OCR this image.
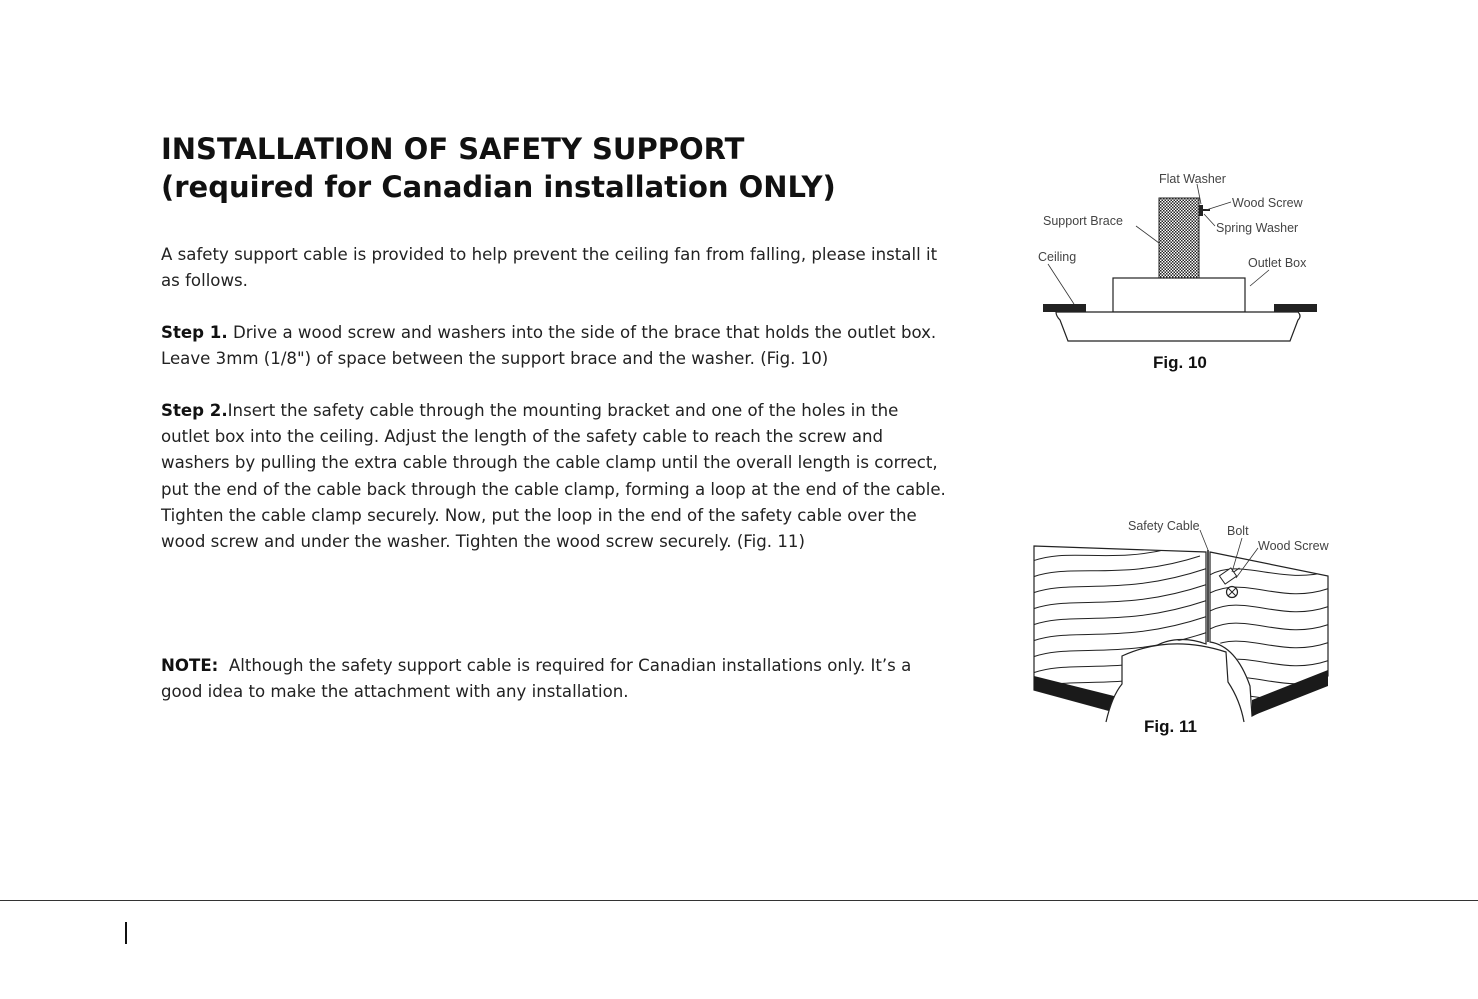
INSTALLATION OF SAFETY SUPPORT
(required for Canadian installation ONLY)

A safety support cable is provided to help prevent the ceiling fan from falling, please install it as follows.

Step 1. Drive a wood screw and washers into the side of the brace that holds the outlet box. Leave 3mm (1/8") of space between the support brace and the washer. (Fig. 10)

Step 2.Insert the safety cable through the mounting bracket and one of the holes in the outlet box into the ceiling. Adjust the length of the safety cable to reach the screw and washers by pulling the extra cable through the cable clamp until the overall length is correct, put the end of the cable back through the cable clamp, forming a loop at the end of the cable. Tighten the cable clamp securely. Now, put the loop in the end of the safety cable over the wood screw and under the washer. Tighten the wood screw securely. (Fig. 11)

NOTE: Although the safety support cable is required for Canadian installations only. It’s a good idea to make the attachment with any installation.

Flat Washer
Wood Screw
Spring Washer
Support Brace
Ceiling	Outlet Box
Fig. 10
Safety Cable Bolt
Wood Screw
Fig. 11
